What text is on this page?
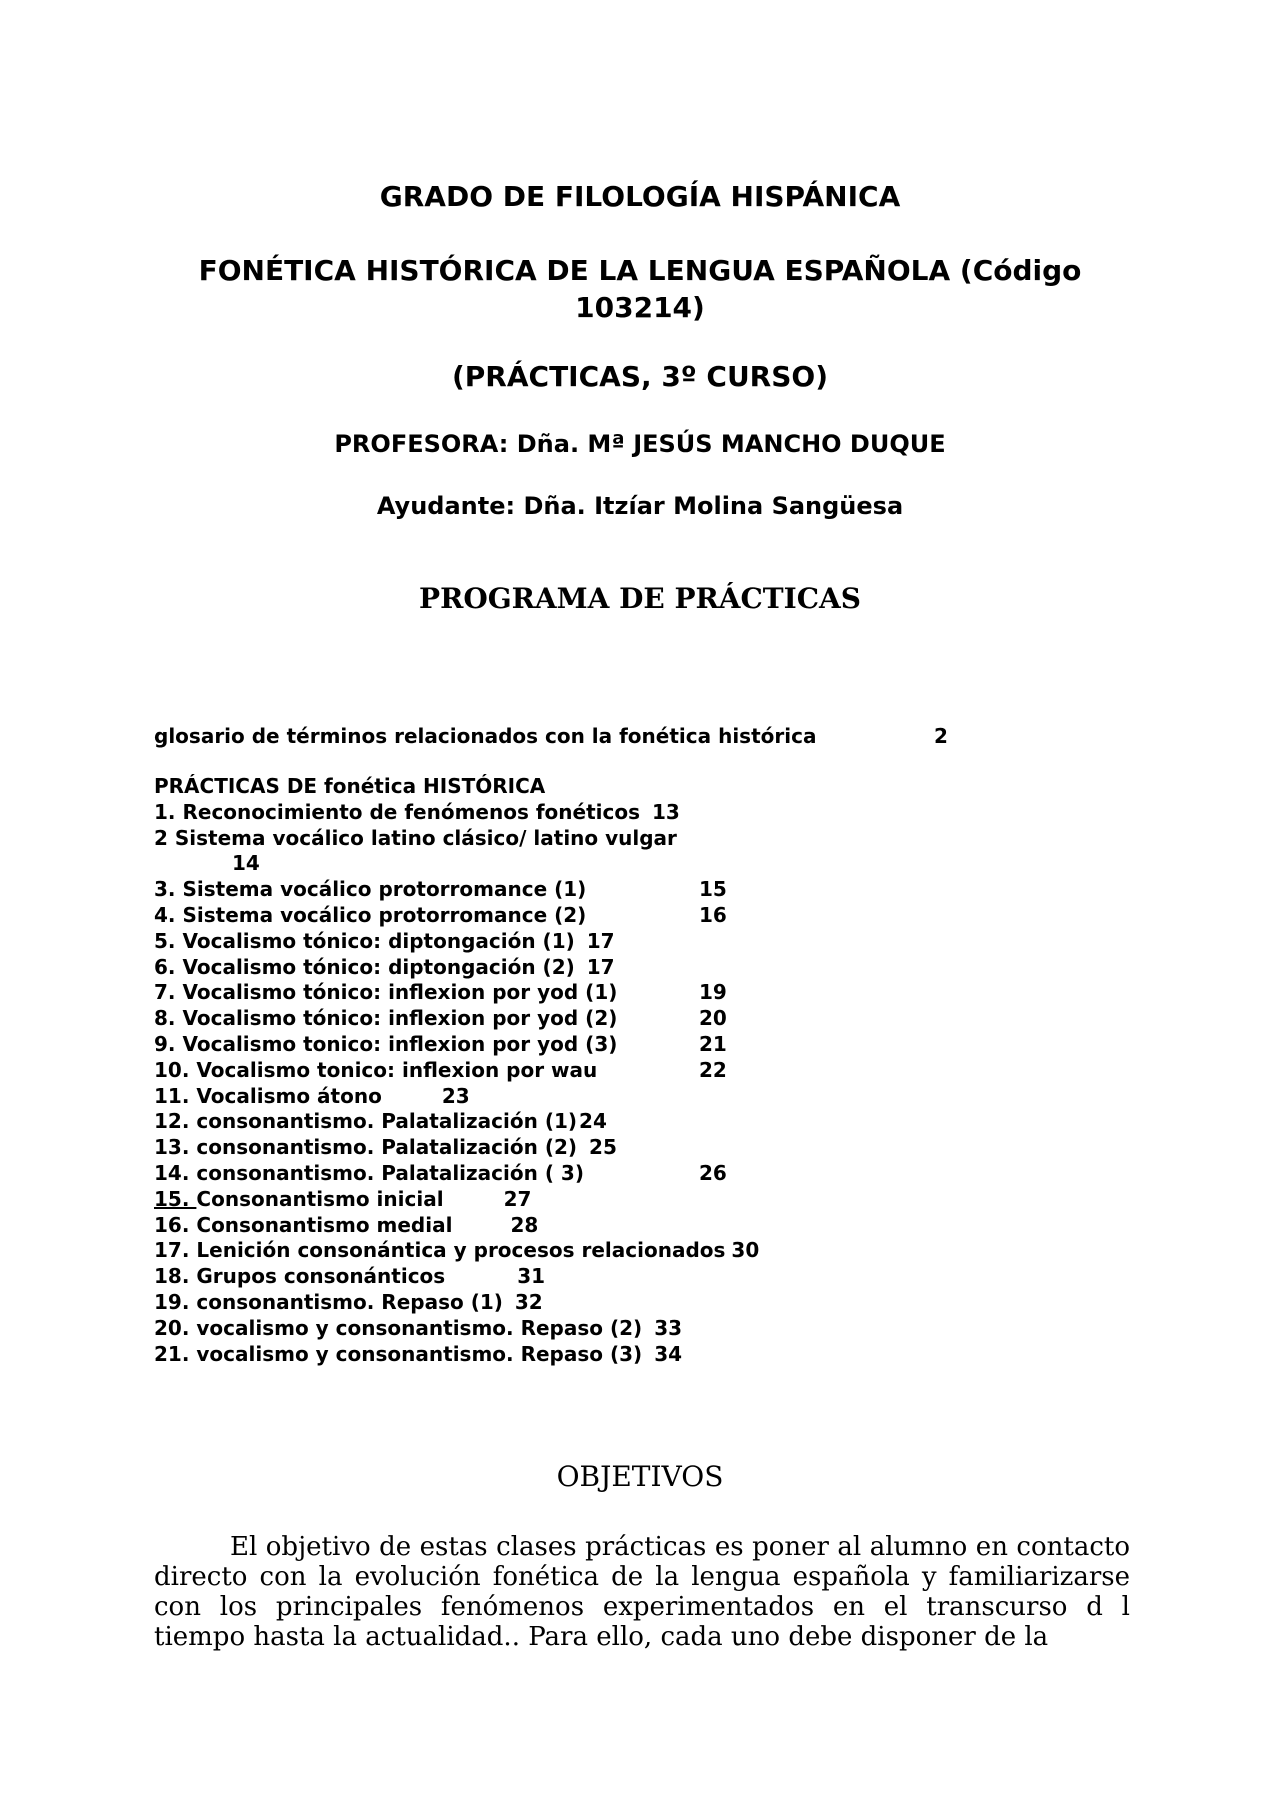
GRADO DE FILOLOGÍA HISPÁNICA
FONÉTICA HISTÓRICA DE LA LENGUA ESPAÑOLA (Código
103214)
(PRÁCTICAS, 3º CURSO)
PROFESORA: Dña. Mª JESÚS MANCHO DUQUE
Ayudante: Dña. Itzíar Molina Sangüesa
PROGRAMA DE PRÁCTICAS
glosario de términos relacionados con la fonética histórica	2
PRÁCTICAS DE fonética HISTÓRICA
1. Reconocimiento de fenómenos fonéticos 13
2 Sistema vocálico latino clásico/ latino vulgar
14
3. Sistema vocálico protorromance (1)	15
4. Sistema vocálico protorromance (2)	16
5. Vocalismo tónico: diptongación (1) 17
6. Vocalismo tónico: diptongación (2) 17
7. Vocalismo tónico: inflexion por yod (1)	19
8. Vocalismo tónico: inflexion por yod (2)	20
9. Vocalismo tonico: inflexion por yod (3)	21
10. Vocalismo tonico: inflexion por wau	22
11. Vocalismo átono	23
12. consonantismo. Palatalización (1) 24
13. consonantismo. Palatalización (2) 25
14. consonantismo. Palatalización ( 3)	26
15. Consonantismo inicial	27
16. Consonantismo medial	28
17. Lenición consonántica y procesos relacionados 30
18. Grupos consonánticos	31
19. consonantismo. Repaso (1) 32
20. vocalismo y consonantismo. Repaso (2) 33
21. vocalismo y consonantismo. Repaso (3) 34
OBJETIVOS
El objetivo de estas clases prácticas es poner al alumno en contacto directo con la evolución fonética de la lengua española y familiarizarse con los principales fenómenos experimentados en el transcurso d l tiempo hasta la actualidad.. Para ello, cada uno debe disponer de la
